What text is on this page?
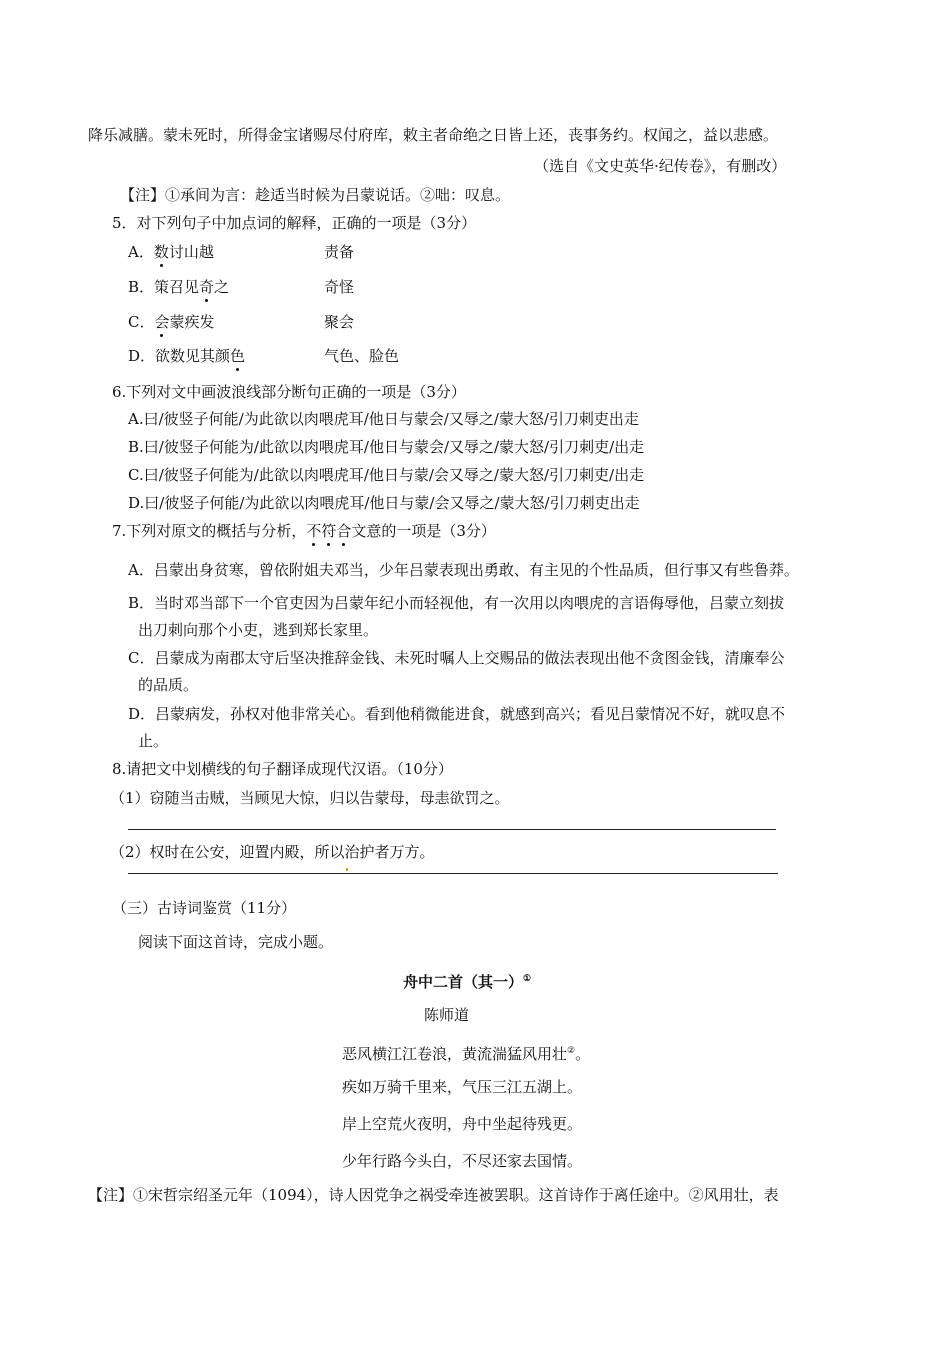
降乐减膳。蒙未死时，所得金宝诸赐尽付府库，敕主者命绝之日皆上还，丧事务约。权闻之，益以悲感。
（选自《文史英华·纪传卷》，有删改）
【注】①承间为言：趁适当时候为吕蒙说话。②咄：叹息。
5．对下列句子中加点词的解释，正确的一项是（3分）
A．数讨山越	责备
B．策召见奇之	奇怪
C．会蒙疾发	聚会
D．欲数见其颜色	气色、脸色
6.下列对文中画波浪线部分断句正确的一项是（3分）
A.曰/彼竖子何能/为此欲以肉喂虎耳/他日与蒙会/又辱之/蒙大怒/引刀刺吏出走
B.曰/彼竖子何能为/此欲以肉喂虎耳/他日与蒙会/又辱之/蒙大怒/引刀刺吏/出走
C.曰/彼竖子何能为/此欲以肉喂虎耳/他日与蒙/会又辱之/蒙大怒/引刀刺吏/出走
D.曰/彼竖子何能/为此欲以肉喂虎耳/他日与蒙/会又辱之/蒙大怒/引刀刺吏出走
7.下列对原文的概括与分析，不符合文意的一项是（3分）
A．吕蒙出身贫寒，曾依附姐夫邓当，少年吕蒙表现出勇敢、有主见的个性品质，但行事又有些鲁莽。
B．当时邓当部下一个官吏因为吕蒙年纪小而轻视他，有一次用以肉喂虎的言语侮辱他，吕蒙立刻拔
出刀刺向那个小吏，逃到郑长家里。
C．吕蒙成为南郡太守后坚决推辞金钱、未死时嘱人上交赐品的做法表现出他不贪图金钱，清廉奉公
的品质。
D．吕蒙病发，孙权对他非常关心。看到他稍微能进食，就感到高兴；看见吕蒙情况不好，就叹息不
止。
8.请把文中划横线的句子翻译成现代汉语。（10分）
（1）窃随当击贼，当顾见大惊，归以告蒙母，母恚欲罚之。
（2）权时在公安，迎置内殿，所以治护者万方。
（三）古诗词鉴赏（11分）
阅读下面这首诗，完成小题。
舟中二首（其一）①
陈师道
恶风横江江卷浪，黄流湍猛风用壮②。
疾如万骑千里来，气压三江五湖上。
岸上空荒火夜明，舟中坐起待残更。
少年行路今头白，不尽还家去国情。
【注】①宋哲宗绍圣元年（1094），诗人因党争之祸受牵连被罢职。这首诗作于离任途中。②风用壮，表
